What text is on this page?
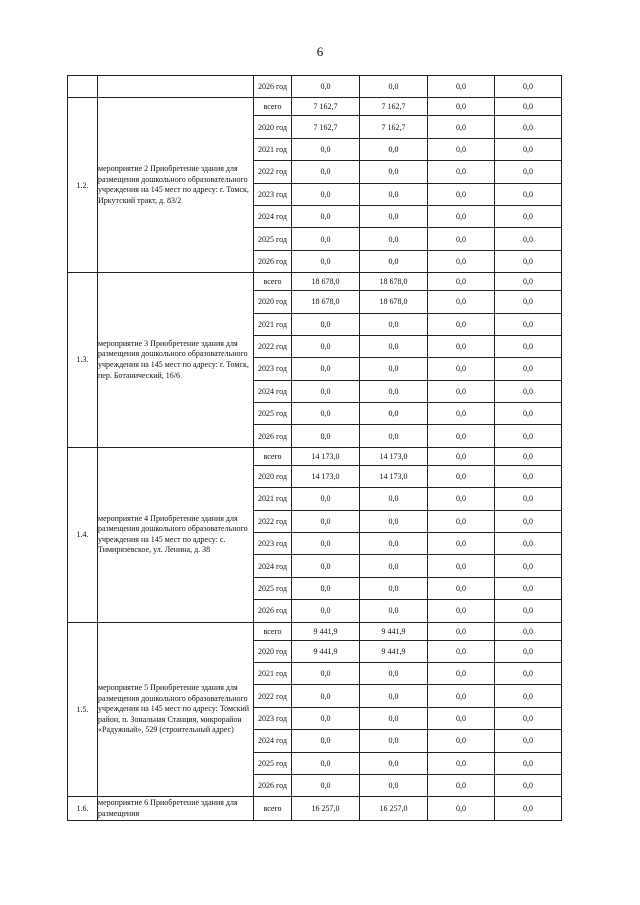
6
		2026 год	0,0	0,0	0,0	0,0
1.2.	мероприятие 2 Приобретение здания для размещения дошкольного образовательного учреждения на 145 мест по адресу: г. Томск, Иркутский тракт, д. 83/2	всего	7 162,7	7 162,7	0,0	0,0
		2020 год	7 162,7	7 162,7	0,0	0,0
		2021 год	0,0	0,0	0,0	0,0
		2022 год	0,0	0,0	0,0	0,0
		2023 год	0,0	0,0	0,0	0,0
		2024 год	0,0	0,0	0,0	0,0
		2025 год	0,0	0,0	0,0	0,0
		2026 год	0,0	0,0	0,0	0,0
1.3.	мероприятие 3 Приобретение здания для размещения дошкольного образовательного учреждения на 145 мест по адресу: г. Томск, пер. Ботанический, 16/6	всего	18 678,0	18 678,0	0,0	0,0
		2020 год	18 678,0	18 678,0	0,0	0,0
		2021 год	0,0	0,0	0,0	0,0
		2022 год	0,0	0,0	0,0	0,0
		2023 год	0,0	0,0	0,0	0,0
		2024 год	0,0	0,0	0,0	0,0
		2025 год	0,0	0,0	0,0	0,0
		2026 год	0,0	0,0	0,0	0,0
1.4.	мероприятие 4 Приобретение здания для размещения дошкольного образовательного учреждения на 145 мест по адресу: с. Тимирязевское, ул. Ленина, д. 38	всего	14 173,0	14 173,0	0,0	0,0
		2020 год	14 173,0	14 173,0	0,0	0,0
		2021 год	0,0	0,0	0,0	0,0
		2022 год	0,0	0,0	0,0	0,0
		2023 год	0,0	0,0	0,0	0,0
		2024 год	0,0	0,0	0,0	0,0
		2025 год	0,0	0,0	0,0	0,0
		2026 год	0,0	0,0	0,0	0,0
1.5.	мероприятие 5 Приобретение здания для размещения дошкольного образовательного учреждения на 145 мест по адресу: Томский район, п. Зональная Станция, микрорайон «Радужный», 529 (строительный адрес)	всего	9 441,9	9 441,9	0,0	0,0
		2020 год	9 441,9	9 441,9	0,0	0,0
		2021 год	0,0	0,0	0,0	0,0
		2022 год	0,0	0,0	0,0	0,0
		2023 год	0,0	0,0	0,0	0,0
		2024 год	0,0	0,0	0,0	0,0
		2025 год	0,0	0,0	0,0	0,0
		2026 год	0,0	0,0	0,0	0,0
1.6.	мероприятие 6 Приобретение здания для размещения	всего	16 257,0	16 257,0	0,0	0,0
